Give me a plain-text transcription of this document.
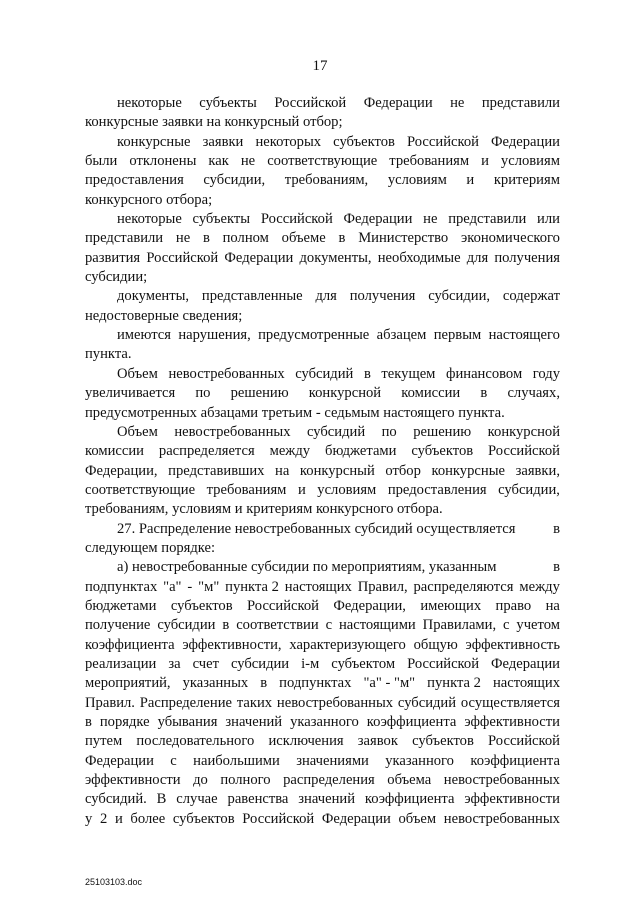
17
некоторые субъекты Российской Федерации не представили
конкурсные заявки на конкурсный отбор;
конкурсные заявки некоторых субъектов Российской Федерации
были отклонены как не соответствующие требованиям и условиям
предоставления субсидии, требованиям, условиям и критериям
конкурсного отбора;
некоторые субъекты Российской Федерации не представили или
представили не в полном объеме в Министерство экономического
развития Российской Федерации документы, необходимые для получения
субсидии;
документы, представленные для получения субсидии, содержат
недостоверные сведения;
имеются нарушения, предусмотренные абзацем первым настоящего
пункта.
Объем невостребованных субсидий в текущем финансовом году
увеличивается по решению конкурсной комиссии в случаях,
предусмотренных абзацами третьим - седьмым настоящего пункта.
Объем невостребованных субсидий по решению конкурсной
комиссии распределяется между бюджетами субъектов Российской
Федерации, представивших на конкурсный отбор конкурсные заявки,
соответствующие требованиям и условиям предоставления субсидии,
требованиям, условиям и критериям конкурсного отбора.
27. Распределение невостребованных субсидий осуществляется	в
следующем порядке:
а) невостребованные субсидии по мероприятиям, указанным	в
подпунктах "а" - "м" пункта 2 настоящих Правил, распределяются между
бюджетами субъектов Российской Федерации, имеющих право на
получение субсидии в соответствии с настоящими Правилами, с учетом
коэффициента эффективности, характеризующего общую эффективность
реализации за счет субсидии i-м субъектом Российской Федерации
мероприятий, указанных в подпунктах "а" - "м" пункта 2 настоящих
Правил. Распределение таких невостребованных субсидий осуществляется
в порядке убывания значений указанного коэффициента эффективности
путем последовательного исключения заявок субъектов Российской
Федерации с наибольшими значениями указанного коэффициента
эффективности до полного распределения объема невостребованных
субсидий. В случае равенства значений коэффициента эффективности
у 2 и более субъектов Российской Федерации объем невостребованных
25103103.doc
